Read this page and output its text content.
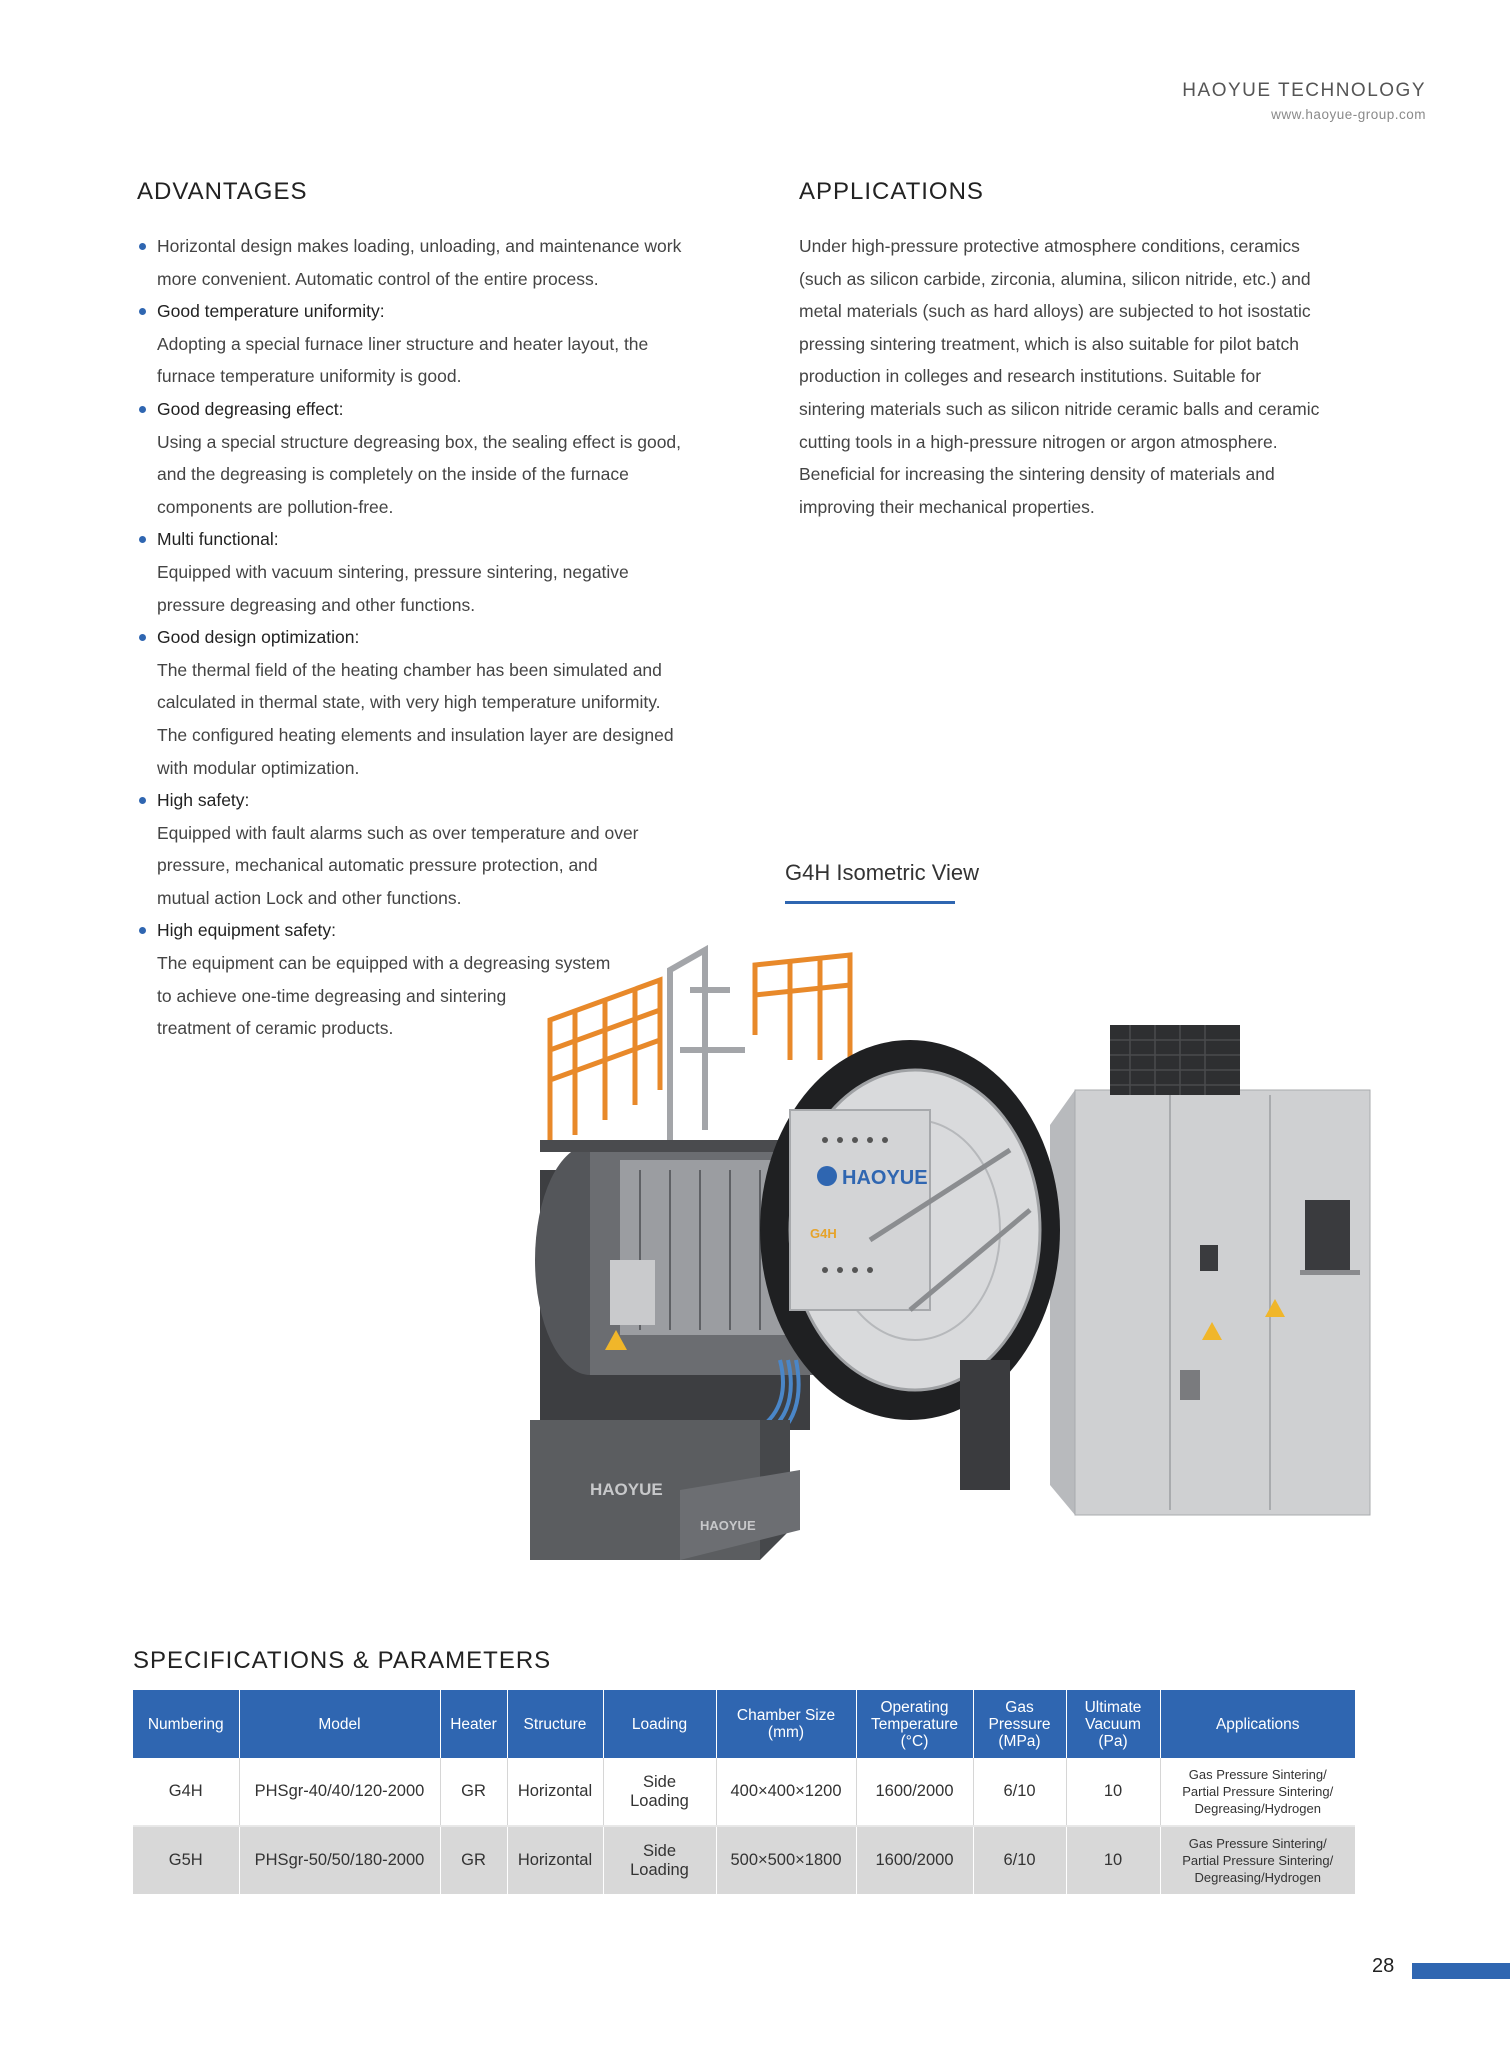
HAOYUE TECHNOLOGY
www.haoyue-group.com
ADVANTAGES

Horizontal design makes loading, unloading, and maintenance work

more convenient. Automatic control of the entire process.

Good temperature uniformity:

Adopting a special furnace liner structure and heater layout, the

furnace temperature uniformity is good.

Good degreasing effect:

Using a special structure degreasing box, the sealing effect is good,

and the degreasing is completely on the inside of the furnace

components are pollution-free.

Multi functional:

Equipped with vacuum sintering, pressure sintering, negative

pressure degreasing and other functions.

Good design optimization:

The thermal field of the heating chamber has been simulated and

calculated in thermal state, with very high temperature uniformity.

The configured heating elements and insulation layer are designed

with modular optimization.

High safety:

Equipped with fault alarms such as over temperature and over

pressure, mechanical automatic pressure protection, and

mutual action Lock and other functions.

High equipment safety:

The equipment can be equipped with a degreasing system

to achieve one-time degreasing and sintering

treatment of ceramic products.

APPLICATIONS

Under high-pressure protective atmosphere conditions, ceramics

(such as silicon carbide, zirconia, alumina, silicon nitride, etc.) and

metal materials (such as hard alloys) are subjected to hot isostatic

pressing sintering treatment, which is also suitable for pilot batch

production in colleges and research institutions. Suitable for

sintering materials such as silicon nitride ceramic balls and ceramic

cutting tools in a high-pressure nitrogen or argon atmosphere.

Beneficial for increasing the sintering density of materials and

improving their mechanical properties.

G4H Isometric View
HAOYUE
G4H
HAOYUE
HAOYUE
SPECIFICATIONS & PARAMETERS
Numbering	Model	Heater	Structure	Loading	Chamber Size (mm)	Operating Temperature (°C)	Gas Pressure (MPa)	Ultimate Vacuum (Pa)	Applications
G4H	PHSgr-40/40/120-2000	GR	Horizontal	Side
Loading	400×400×1200	1600/2000	6/10	10	Gas Pressure Sintering/
Partial Pressure Sintering/
Degreasing/Hydrogen

G5H	PHSgr-50/50/180-2000	GR	Horizontal	Side
Loading	500×500×1800	1600/2000	6/10	10	Gas Pressure Sintering/
Partial Pressure Sintering/
Degreasing/Hydrogen
28
